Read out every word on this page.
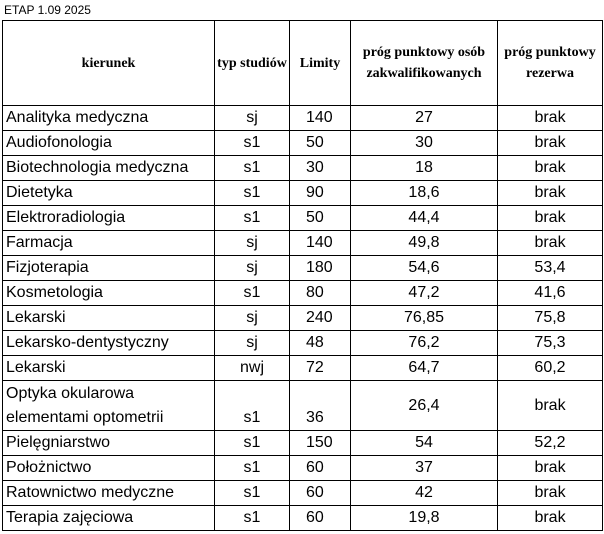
ETAP 1.09 2025
kierunek	typ studiów	Limity	próg punktowy osób zakwalifikowanych	próg punktowy rezerwa
Analityka medyczna	sj	140	27	brak
Audiofonologia	s1	50	30	brak
Biotechnologia medyczna	s1	30	18	brak
Dietetyka	s1	90	18,6	brak
Elektroradiologia	s1	50	44,4	brak
Farmacja	sj	140	49,8	brak
Fizjoterapia	sj	180	54,6	53,4
Kosmetologia	s1	80	47,2	41,6
Lekarski	sj	240	76,85	75,8
Lekarsko-dentystyczny	sj	48	76,2	75,3
Lekarski	nwj	72	64,7	60,2
Optyka okularowa elementami optometrii	s1	36	26,4	brak
Pielęgniarstwo	s1	150	54	52,2
Położnictwo	s1	60	37	brak
Ratownictwo medyczne	s1	60	42	brak
Terapia zajęciowa	s1	60	19,8	brak
